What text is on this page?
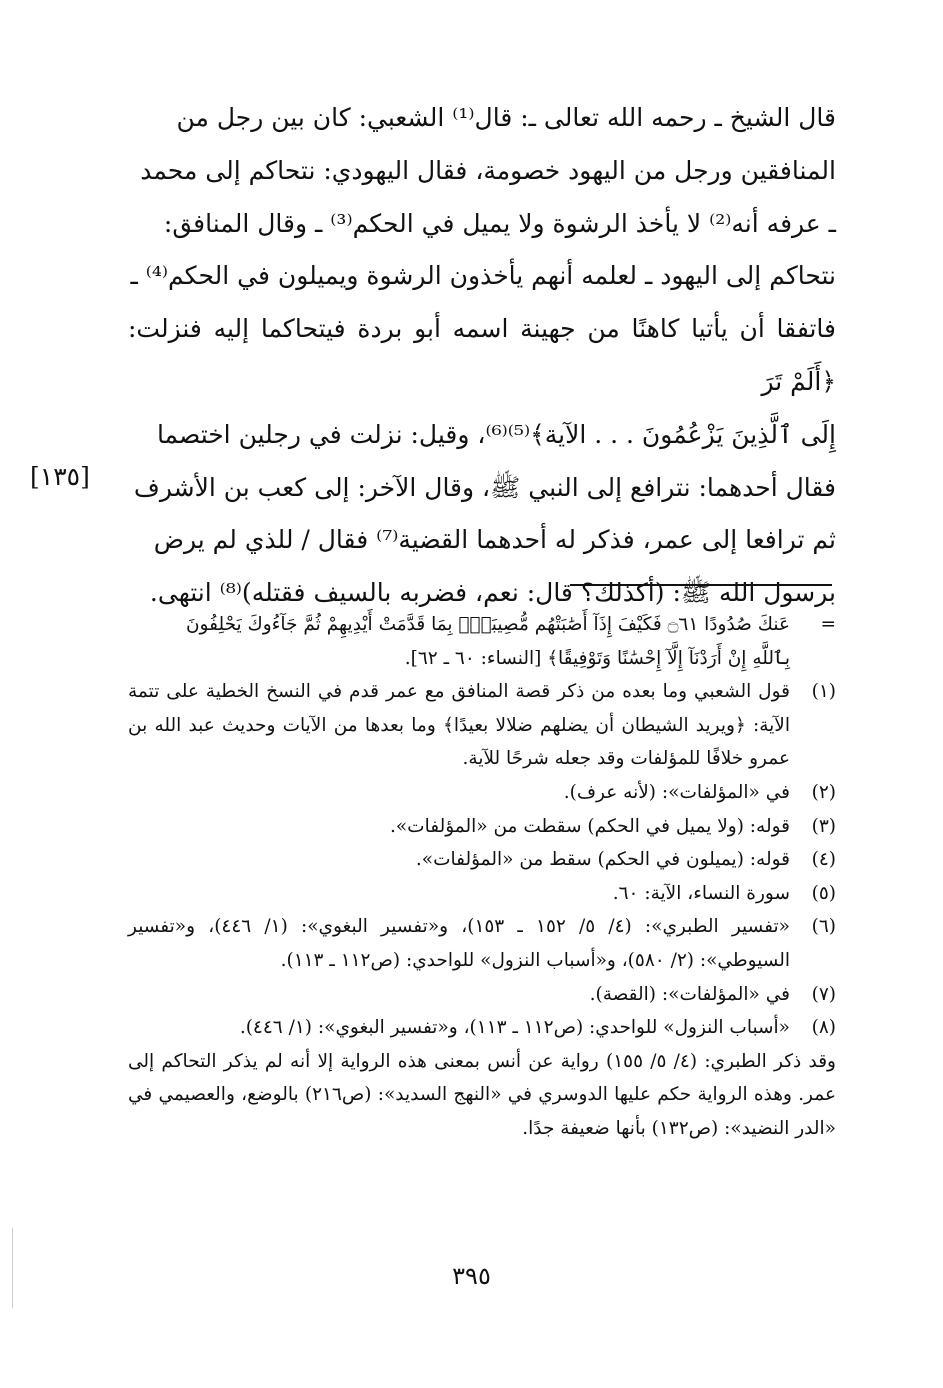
قال الشيخ ـ رحمه الله تعالى ـ: قال⁽¹⁾ الشعبي: كان بين رجل من

المنافقين ورجل من اليهود خصومة، فقال اليهودي: نتحاكم إلى محمد

ـ عرفه أنه⁽²⁾ لا يأخذ الرشوة ولا يميل في الحكم⁽³⁾ ـ وقال المنافق:

نتحاكم إلى اليهود ـ لعلمه أنهم يأخذون الرشوة ويميلون في الحكم⁽⁴⁾ ـ

فاتفقا أن يأتيا كاهنًا من جهينة اسمه أبو بردة فيتحاكما إليه فنزلت: ﴿أَلَمْ تَرَ

إِلَى ٱلَّذِينَ يَزْعُمُونَ . . . الآية﴾⁽⁵⁾⁽⁶⁾، وقيل: نزلت في رجلين اختصما

فقال أحدهما: نترافع إلى النبي ﷺ، وقال الآخر: إلى كعب بن الأشرف

ثم ترافعا إلى عمر، فذكر له أحدهما القضية⁽⁷⁾ فقال / للذي لم يرض

برسول الله ﷺ: (أكذلك؟ قال: نعم، فضربه بالسيف فقتله)⁽⁸⁾ انتهى.

[١٣٥]
=
عَنكَ صُدُودًا ۝٦١ فَكَيْفَ إِذَآ أَصَٰبَتْهُم مُّصِيبَةٌۢ بِمَا قَدَّمَتْ أَيْدِيهِمْ ثُمَّ جَآءُوكَ يَحْلِفُونَ
بِٱللَّهِ إِنْ أَرَدْنَآ إِلَّآ إِحْسَٰنًا وَتَوْفِيقًا﴾ [النساء: ٦٠ ـ ٦٢].
(١)
قول الشعبي وما بعده من ذكر قصة المنافق مع عمر قدم في النسخ الخطية على تتمة الآية: ﴿ويريد الشيطان أن يضلهم ضلالا بعيدًا﴾ وما بعدها من الآيات وحديث عبد الله بن عمرو خلافًا للمؤلفات وقد جعله شرحًا للآية.
(٢)
في «المؤلفات»: (لأنه عرف).
(٣)
قوله: (ولا يميل في الحكم) سقطت من «المؤلفات».
(٤)
قوله: (يميلون في الحكم) سقط من «المؤلفات».
(٥)
سورة النساء، الآية: ٦٠.
(٦)
«تفسير الطبري»: (٤/ ٥/ ١٥٢ ـ ١٥٣)، و«تفسير البغوي»: (١/ ٤٤٦)، و«تفسير السيوطي»: (٢/ ٥٨٠)، و«أسباب النزول» للواحدي: (ص١١٢ ـ ١١٣).
(٧)
في «المؤلفات»: (القصة).
(٨)
«أسباب النزول» للواحدي: (ص١١٢ ـ ١١٣)، و«تفسير البغوي»: (١/ ٤٤٦).
وقد ذكر الطبري: (٤/ ٥/ ١٥٥) رواية عن أنس بمعنى هذه الرواية إلا أنه لم يذكر التحاكم إلى عمر. وهذه الرواية حكم عليها الدوسري في «النهج السديد»: (ص٢١٦) بالوضع، والعصيمي في «الدر النضيد»: (ص١٣٢) بأنها ضعيفة جدًا.
٣٩٥
